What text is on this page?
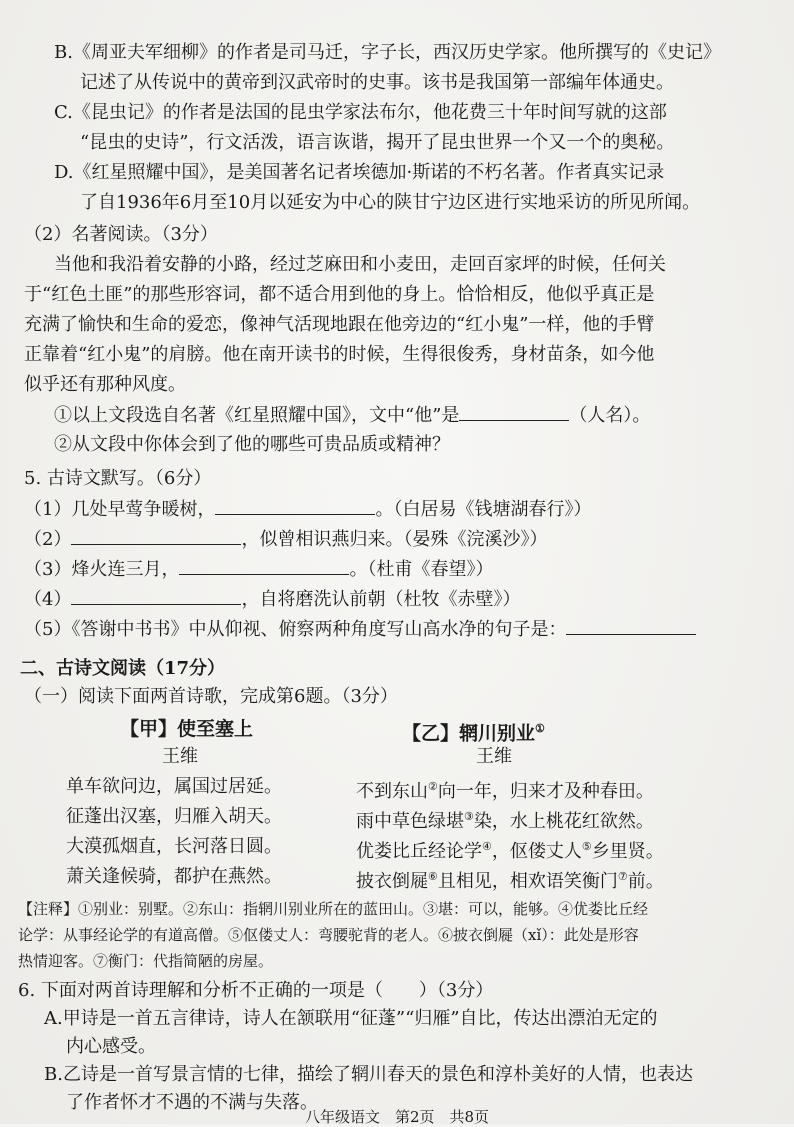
B.《周亚夫军细柳》的作者是司马迁，字子长，西汉历史学家。他所撰写的《史记》
记述了从传说中的黄帝到汉武帝时的史事。该书是我国第一部编年体通史。
C.《昆虫记》的作者是法国的昆虫学家法布尔，他花费三十年时间写就的这部
“昆虫的史诗”，行文活泼，语言诙谐，揭开了昆虫世界一个又一个的奥秘。
D.《红星照耀中国》，是美国著名记者埃德加·斯诺的不朽名著。作者真实记录
了自1936年6月至10月以延安为中心的陕甘宁边区进行实地采访的所见所闻。
（2）名著阅读。（3分）
当他和我沿着安静的小路，经过芝麻田和小麦田，走回百家坪的时候，任何关
于“红色土匪”的那些形容词，都不适合用到他的身上。恰恰相反，他似乎真正是
充满了愉快和生命的爱恋，像神气活现地跟在他旁边的“红小鬼”一样，他的手臂
正靠着“红小鬼”的肩膀。他在南开读书的时候，生得很俊秀，身材苗条，如今他
似乎还有那种风度。
①以上文段选自名著《红星照耀中国》，文中“他”是	（人名）。
②从文段中你体会到了他的哪些可贵品质或精神？
5. 古诗文默写。（6分）
（1）几处早莺争暖树，	。（白居易《钱塘湖春行》）
（2）	，似曾相识燕归来。（晏殊《浣溪沙》）
（3）烽火连三月，	。（杜甫《春望》）
（4）	，自将磨洗认前朝（杜牧《赤壁》）
（5）《答谢中书书》中从仰视、俯察两种角度写山高水净的句子是：
二、古诗文阅读（17分）
（一）阅读下面两首诗歌，完成第6题。（3分）
【甲】使至塞上
王维
单车欲问边，属国过居延。
征蓬出汉塞，归雁入胡天。
大漠孤烟直，长河落日圆。
萧关逢候骑，都护在燕然。
【乙】辋川别业①
王维
不到东山②向一年，归来才及种春田。
雨中草色绿堪③染，水上桃花红欲然。
优娄比丘经论学④，伛偻丈人⑤乡里贤。
披衣倒屣⑥且相见，相欢语笑衡门⑦前。
【注释】①别业：别墅。②东山：指辋川别业所在的蓝田山。③堪：可以，能够。④优娄比丘经
论学：从事经论学的有道高僧。⑤伛偻丈人：弯腰驼背的老人。⑥披衣倒屣（xǐ）：此处是形容
热情迎客。⑦衡门：代指简陋的房屋。
6. 下面对两首诗理解和分析不正确的一项是（　　）（3分）
A.甲诗是一首五言律诗，诗人在颔联用“征蓬”“归雁”自比，传达出漂泊无定的
内心感受。
B.乙诗是一首写景言情的七律，描绘了辋川春天的景色和淳朴美好的人情，也表达
了作者怀才不遇的不满与失落。
八年级语文　第2页　共8页
